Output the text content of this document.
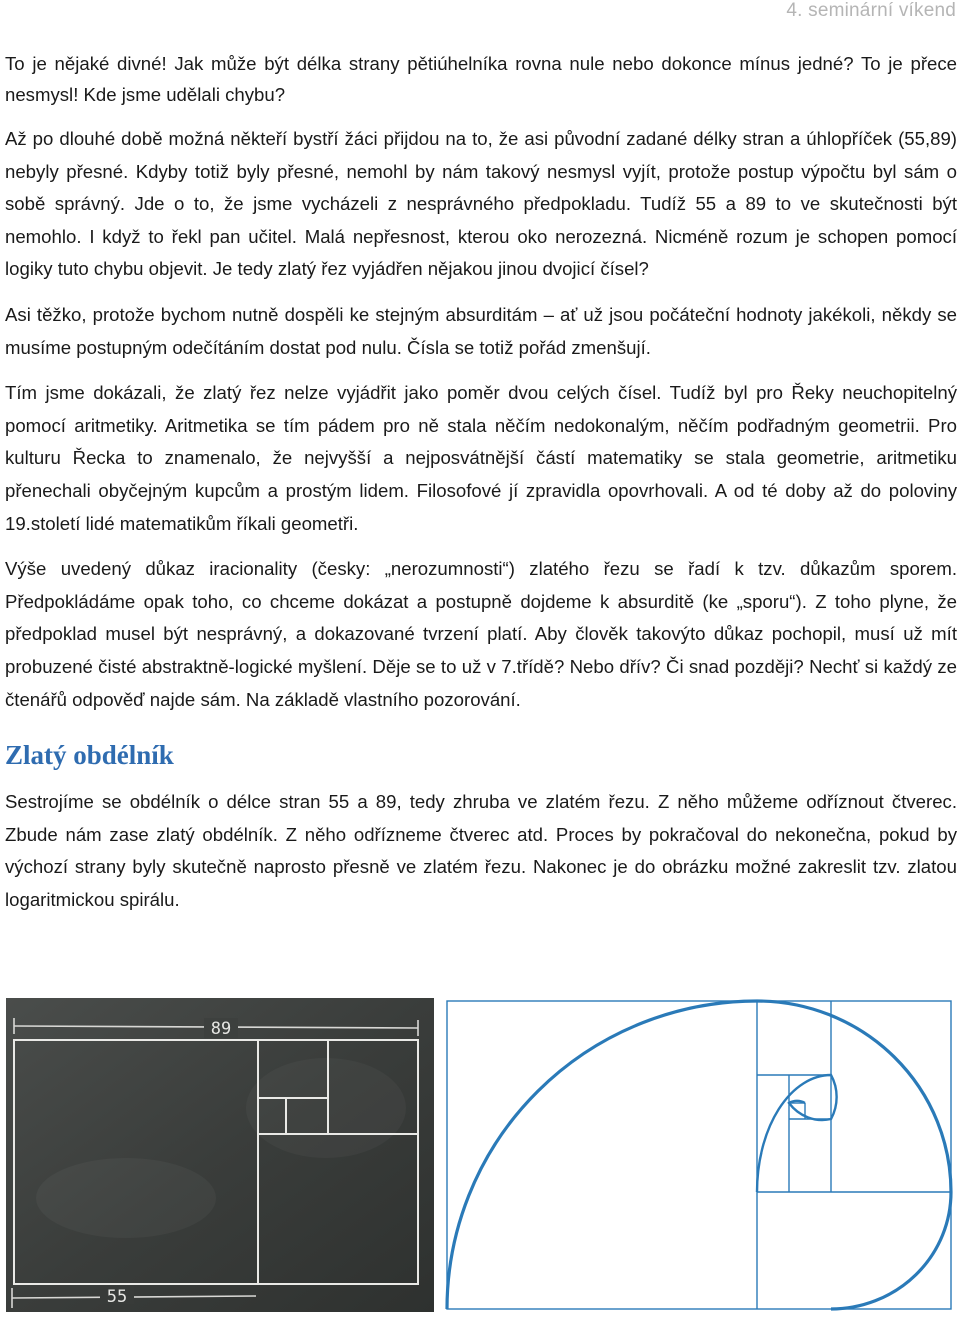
4. seminární víkend

To je nějaké divné! Jak může být délka strany pětiúhelníka rovna nule nebo dokonce mínus jedné? To je přece nesmysl! Kde jsme udělali chybu?

Až po dlouhé době možná někteří bystří žáci přijdou na to, že asi původní zadané délky stran a úhlopříček (55,89) nebyly přesné. Kdyby totiž byly přesné, nemohl by nám takový nesmysl vyjít, protože postup výpočtu byl sám o sobě správný. Jde o to, že jsme vycházeli z nesprávného předpokladu. Tudíž 55 a 89 to ve skutečnosti být nemohlo. I když to řekl pan učitel. Malá nepřesnost, kterou oko nerozezná. Nicméně rozum je schopen pomocí logiky tuto chybu objevit. Je tedy zlatý řez vyjádřen nějakou jinou dvojicí čísel?

Asi těžko, protože bychom nutně dospěli ke stejným absurditám – ať už jsou počáteční hodnoty jakékoli, někdy se musíme postupným odečítáním dostat pod nulu. Čísla se totiž pořád zmenšují.

Tím jsme dokázali, že zlatý řez nelze vyjádřit jako poměr dvou celých čísel. Tudíž byl pro Řeky neuchopitelný pomocí aritmetiky. Aritmetika se tím pádem pro ně stala něčím nedokonalým, něčím podřadným geometrii. Pro kulturu Řecka to znamenalo, že nejvyšší a nejposvátnější částí matematiky se stala geometrie, aritmetiku přenechali obyčejným kupcům a prostým lidem. Filosofové jí zpravidla opovrhovali. A od té doby až do poloviny 19.století lidé matematikům říkali geometři.

Výše uvedený důkaz iracionality (česky: „nerozumnosti“) zlatého řezu se řadí k tzv. důkazům sporem. Předpokládáme opak toho, co chceme dokázat a postupně dojdeme k absurditě (ke „sporu“). Z toho plyne, že předpoklad musel být nesprávný, a dokazované tvrzení platí. Aby člověk takovýto důkaz pochopil, musí už mít probuzené čisté abstraktně-logické myšlení. Děje se to už v 7.třídě? Nebo dřív? Či snad později? Nechť si každý ze čtenářů odpověď najde sám. Na základě vlastního pozorování.

Zlatý obdélník

Sestrojíme se obdélník o délce stran 55 a 89, tedy zhruba ve zlatém řezu. Z něho můžeme odříznout čtverec. Zbude nám zase zlatý obdélník. Z něho odřízneme čtverec atd. Proces by pokračoval do nekonečna, pokud by výchozí strany byly skutečně naprosto přesně ve zlatém řezu. Nakonec je do obrázku možné zakreslit tzv. zlatou logaritmickou spirálu.

89
55
